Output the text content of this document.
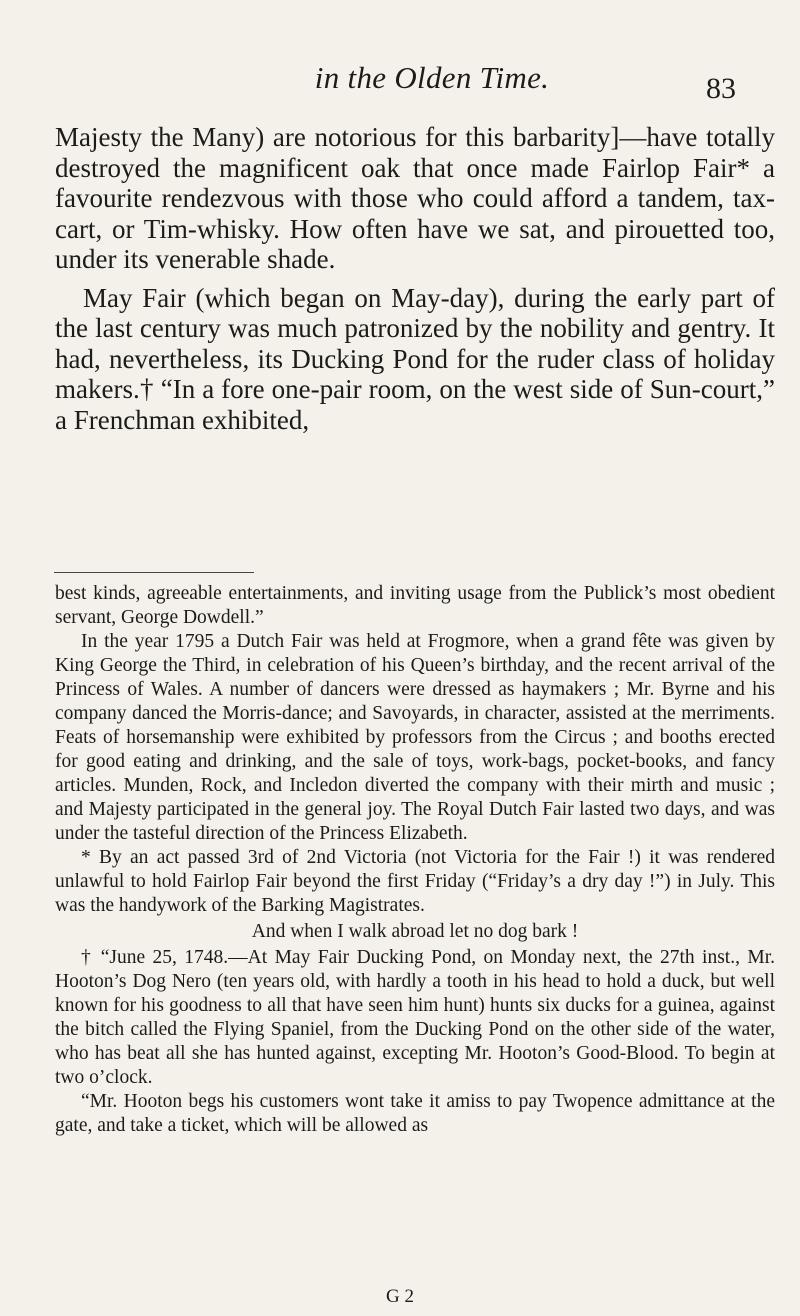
in the Olden Time.	83

Majesty the Many) are notorious for this barbarity]—have totally destroyed the magnificent oak that once made Fairlop Fair* a favourite rendezvous with those who could afford a tandem, tax-cart, or Tim-whisky. How often have we sat, and pirouetted too, under its venerable shade.

May Fair (which began on May-day), during the early part of the last century was much patronized by the nobility and gentry. It had, nevertheless, its Ducking Pond for the ruder class of holiday makers.† “In a fore one-pair room, on the west side of Sun-court,” a Frenchman exhibited,

best kinds, agreeable entertainments, and inviting usage from the Publick’s most obedient servant, George Dowdell.”

In the year 1795 a Dutch Fair was held at Frogmore, when a grand fête was given by King George the Third, in celebration of his Queen’s birthday, and the recent arrival of the Princess of Wales. A number of dancers were dressed as haymakers ; Mr. Byrne and his company danced the Morris-dance; and Savoyards, in character, assisted at the merriments. Feats of horsemanship were exhibited by professors from the Circus ; and booths erected for good eating and drinking, and the sale of toys, work-bags, pocket-books, and fancy articles. Munden, Rock, and Incledon diverted the company with their mirth and music ; and Majesty participated in the general joy. The Royal Dutch Fair lasted two days, and was under the tasteful direction of the Princess Elizabeth.

* By an act passed 3rd of 2nd Victoria (not Victoria for the Fair !) it was rendered unlawful to hold Fairlop Fair beyond the first Friday (“Friday’s a dry day !”) in July. This was the handywork of the Barking Magistrates.

And when I walk abroad let no dog bark !

† “June 25, 1748.—At May Fair Ducking Pond, on Monday next, the 27th inst., Mr. Hooton’s Dog Nero (ten years old, with hardly a tooth in his head to hold a duck, but well known for his goodness to all that have seen him hunt) hunts six ducks for a guinea, against the bitch called the Flying Spaniel, from the Ducking Pond on the other side of the water, who has beat all she has hunted against, excepting Mr. Hooton’s Good-Blood. To begin at two o’clock.

“Mr. Hooton begs his customers wont take it amiss to pay Twopence admittance at the gate, and take a ticket, which will be allowed as

G 2
